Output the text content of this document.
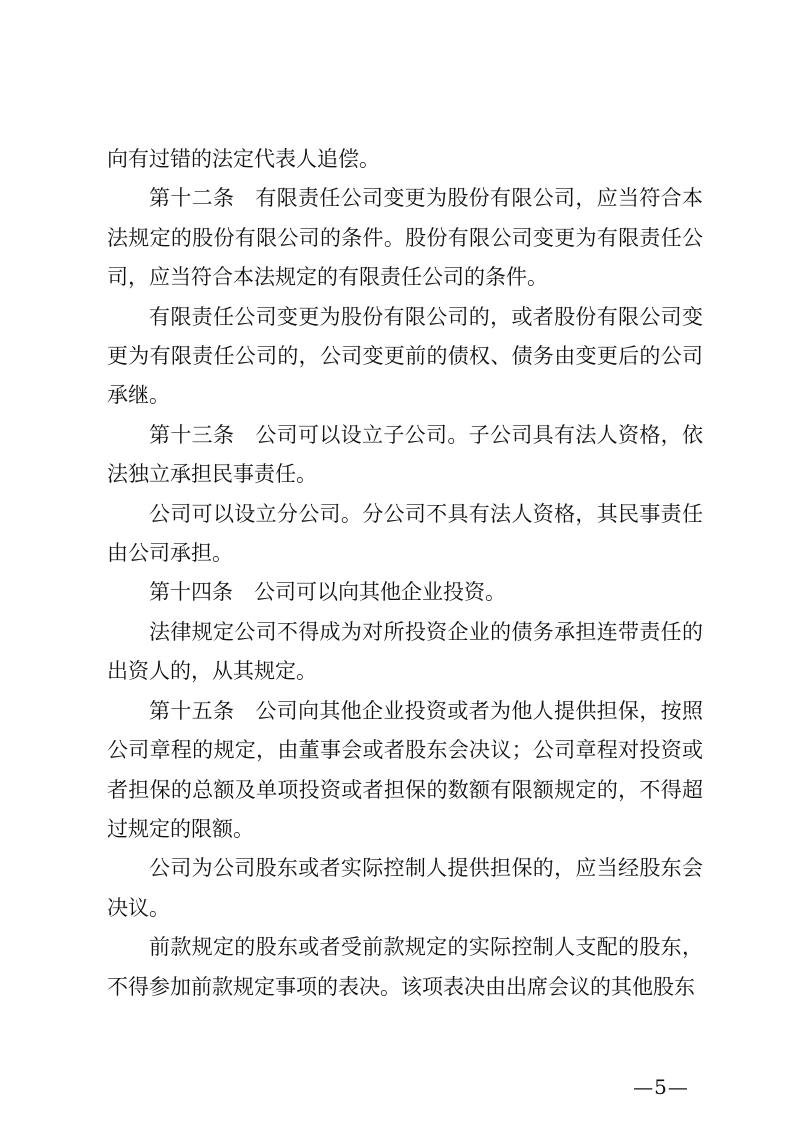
向有过错的法定代表人追偿。

第十二条 有限责任公司变更为股份有限公司，应当符合本法规定的股份有限公司的条件。股份有限公司变更为有限责任公司，应当符合本法规定的有限责任公司的条件。

有限责任公司变更为股份有限公司的，或者股份有限公司变更为有限责任公司的，公司变更前的债权、债务由变更后的公司承继。

第十三条 公司可以设立子公司。子公司具有法人资格，依法独立承担民事责任。

公司可以设立分公司。分公司不具有法人资格，其民事责任由公司承担。

第十四条 公司可以向其他企业投资。

法律规定公司不得成为对所投资企业的债务承担连带责任的出资人的，从其规定。

第十五条 公司向其他企业投资或者为他人提供担保，按照公司章程的规定，由董事会或者股东会决议；公司章程对投资或者担保的总额及单项投资或者担保的数额有限额规定的，不得超过规定的限额。

公司为公司股东或者实际控制人提供担保的，应当经股东会决议。

前款规定的股东或者受前款规定的实际控制人支配的股东，不得参加前款规定事项的表决。该项表决由出席会议的其他股东

—5—
